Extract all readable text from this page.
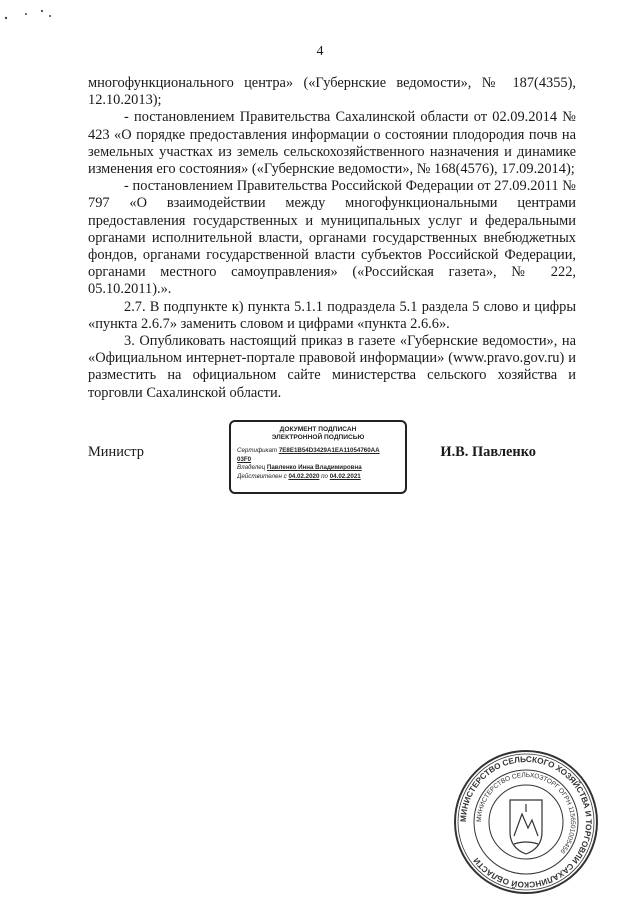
4

многофункционального центра» («Губернские ведомости», № 187(4355), 12.10.2013);

- постановлением Правительства Сахалинской области от 02.09.2014 № 423 «О порядке предоставления информации о состоянии плодородия почв на земельных участках из земель сельскохозяйственного назначения и динамике изменения его состояния» («Губернские ведомости», № 168(4576), 17.09.2014);

- постановлением Правительства Российской Федерации от 27.09.2011 № 797 «О взаимодействии между многофункциональными центрами предоставления государственных и муниципальных услуг и федеральными органами исполнительной власти, органами государственных внебюджетных фондов, органами государственной власти субъектов Российской Федерации, органами местного самоуправления» («Российская газета», № 222, 05.10.2011).».

2.7. В подпункте к) пункта 5.1.1 подраздела 5.1 раздела 5 слово и цифры «пункта 2.6.7» заменить словом и цифрами «пункта 2.6.6».

3. Опубликовать настоящий приказ в газете «Губернские ведомости», на «Официальном интернет-портале правовой информации» (www.pravo.gov.ru) и разместить на официальном сайте министерства сельского хозяйства и торговли Сахалинской области.

Министр
ДОКУМЕНТ ПОДПИСАН
ЭЛЕКТРОННОЙ ПОДПИСЬЮ
Сертификат 7E8E1B54D3429A1EA11054760AA
03F0
Владелец Павленко Инна Владимировна
Действителен с 04.02.2020 по 04.02.2021
И.В. Павленко
МИНИСТЕРСТВО СЕЛЬСКОГО ХОЗЯЙСТВА И ТОРГОВЛИ САХАЛИНСКОЙ ОБЛАСТИ
МИНИСТЕРСТВО СЕЛЬХОЗТОРГ ОГРН 1156501005456
